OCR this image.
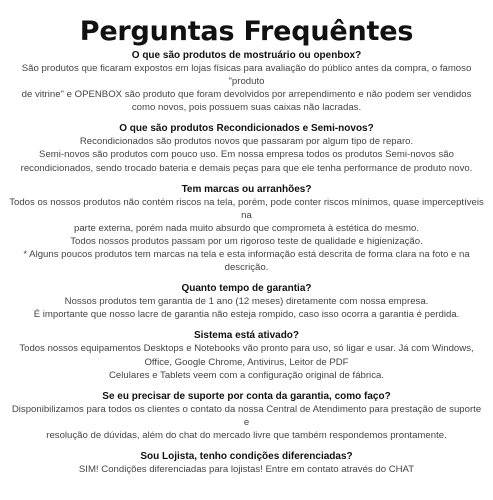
Perguntas Frequêntes
O que são produtos de mostruário ou openbox?
São produtos que ficaram expostos em lojas físicas para avaliação do público antes da compra, o famoso
"produto
de vitrine" e OPENBOX são produto que foram devolvidos por arrependimento e não podem ser vendidos
como novos, pois possuem suas caixas não lacradas.
O que são produtos Recondicionados e Semi-novos?
Recondicionados são produtos novos que passaram por algum tipo de reparo.
Semi-novos são produtos com pouco uso. Em nossa empresa todos os produtos Semi-novos são
recondicionados, sendo trocado bateria e demais peças para que ele tenha performance de produto novo.
Tem marcas ou arranhões?
Todos os nossos produtos não contém riscos na tela, porém, pode conter riscos mínimos, quase imperceptíveis
na
parte externa, porém nada muito absurdo que comprometa à estética do mesmo.
Todos nossos produtos passam por um rigoroso teste de qualidade e higienização.
* Alguns poucos produtos tem marcas na tela e esta informação está descrita de forma clara na foto e na
descrição.
Quanto tempo de garantia?
Nossos produtos tem garantia de 1 ano (12 meses) diretamente com nossa empresa.
É importante que nosso lacre de garantia não esteja rompido, caso isso ocorra a garantia é perdida.
Sistema está ativado?
Todos nossos equipamentos Desktops e Notebooks vão pronto para uso, só ligar e usar. Já com Windows,
Office, Google Chrome, Antivirus, Leitor de PDF
Celulares e Tablets veem com a configuração original de fábrica.
Se eu precisar de suporte por conta da garantia, como faço?
Disponibilizamos para todos os clientes o contato da nossa Central de Atendimento para prestação de suporte
e
resolução de dúvidas, além do chat do mercado livre que também respondemos prontamente.
Sou Lojista, tenho condições diferenciadas?
SIM! Condições diferenciadas para lojistas! Entre em contato através do CHAT
